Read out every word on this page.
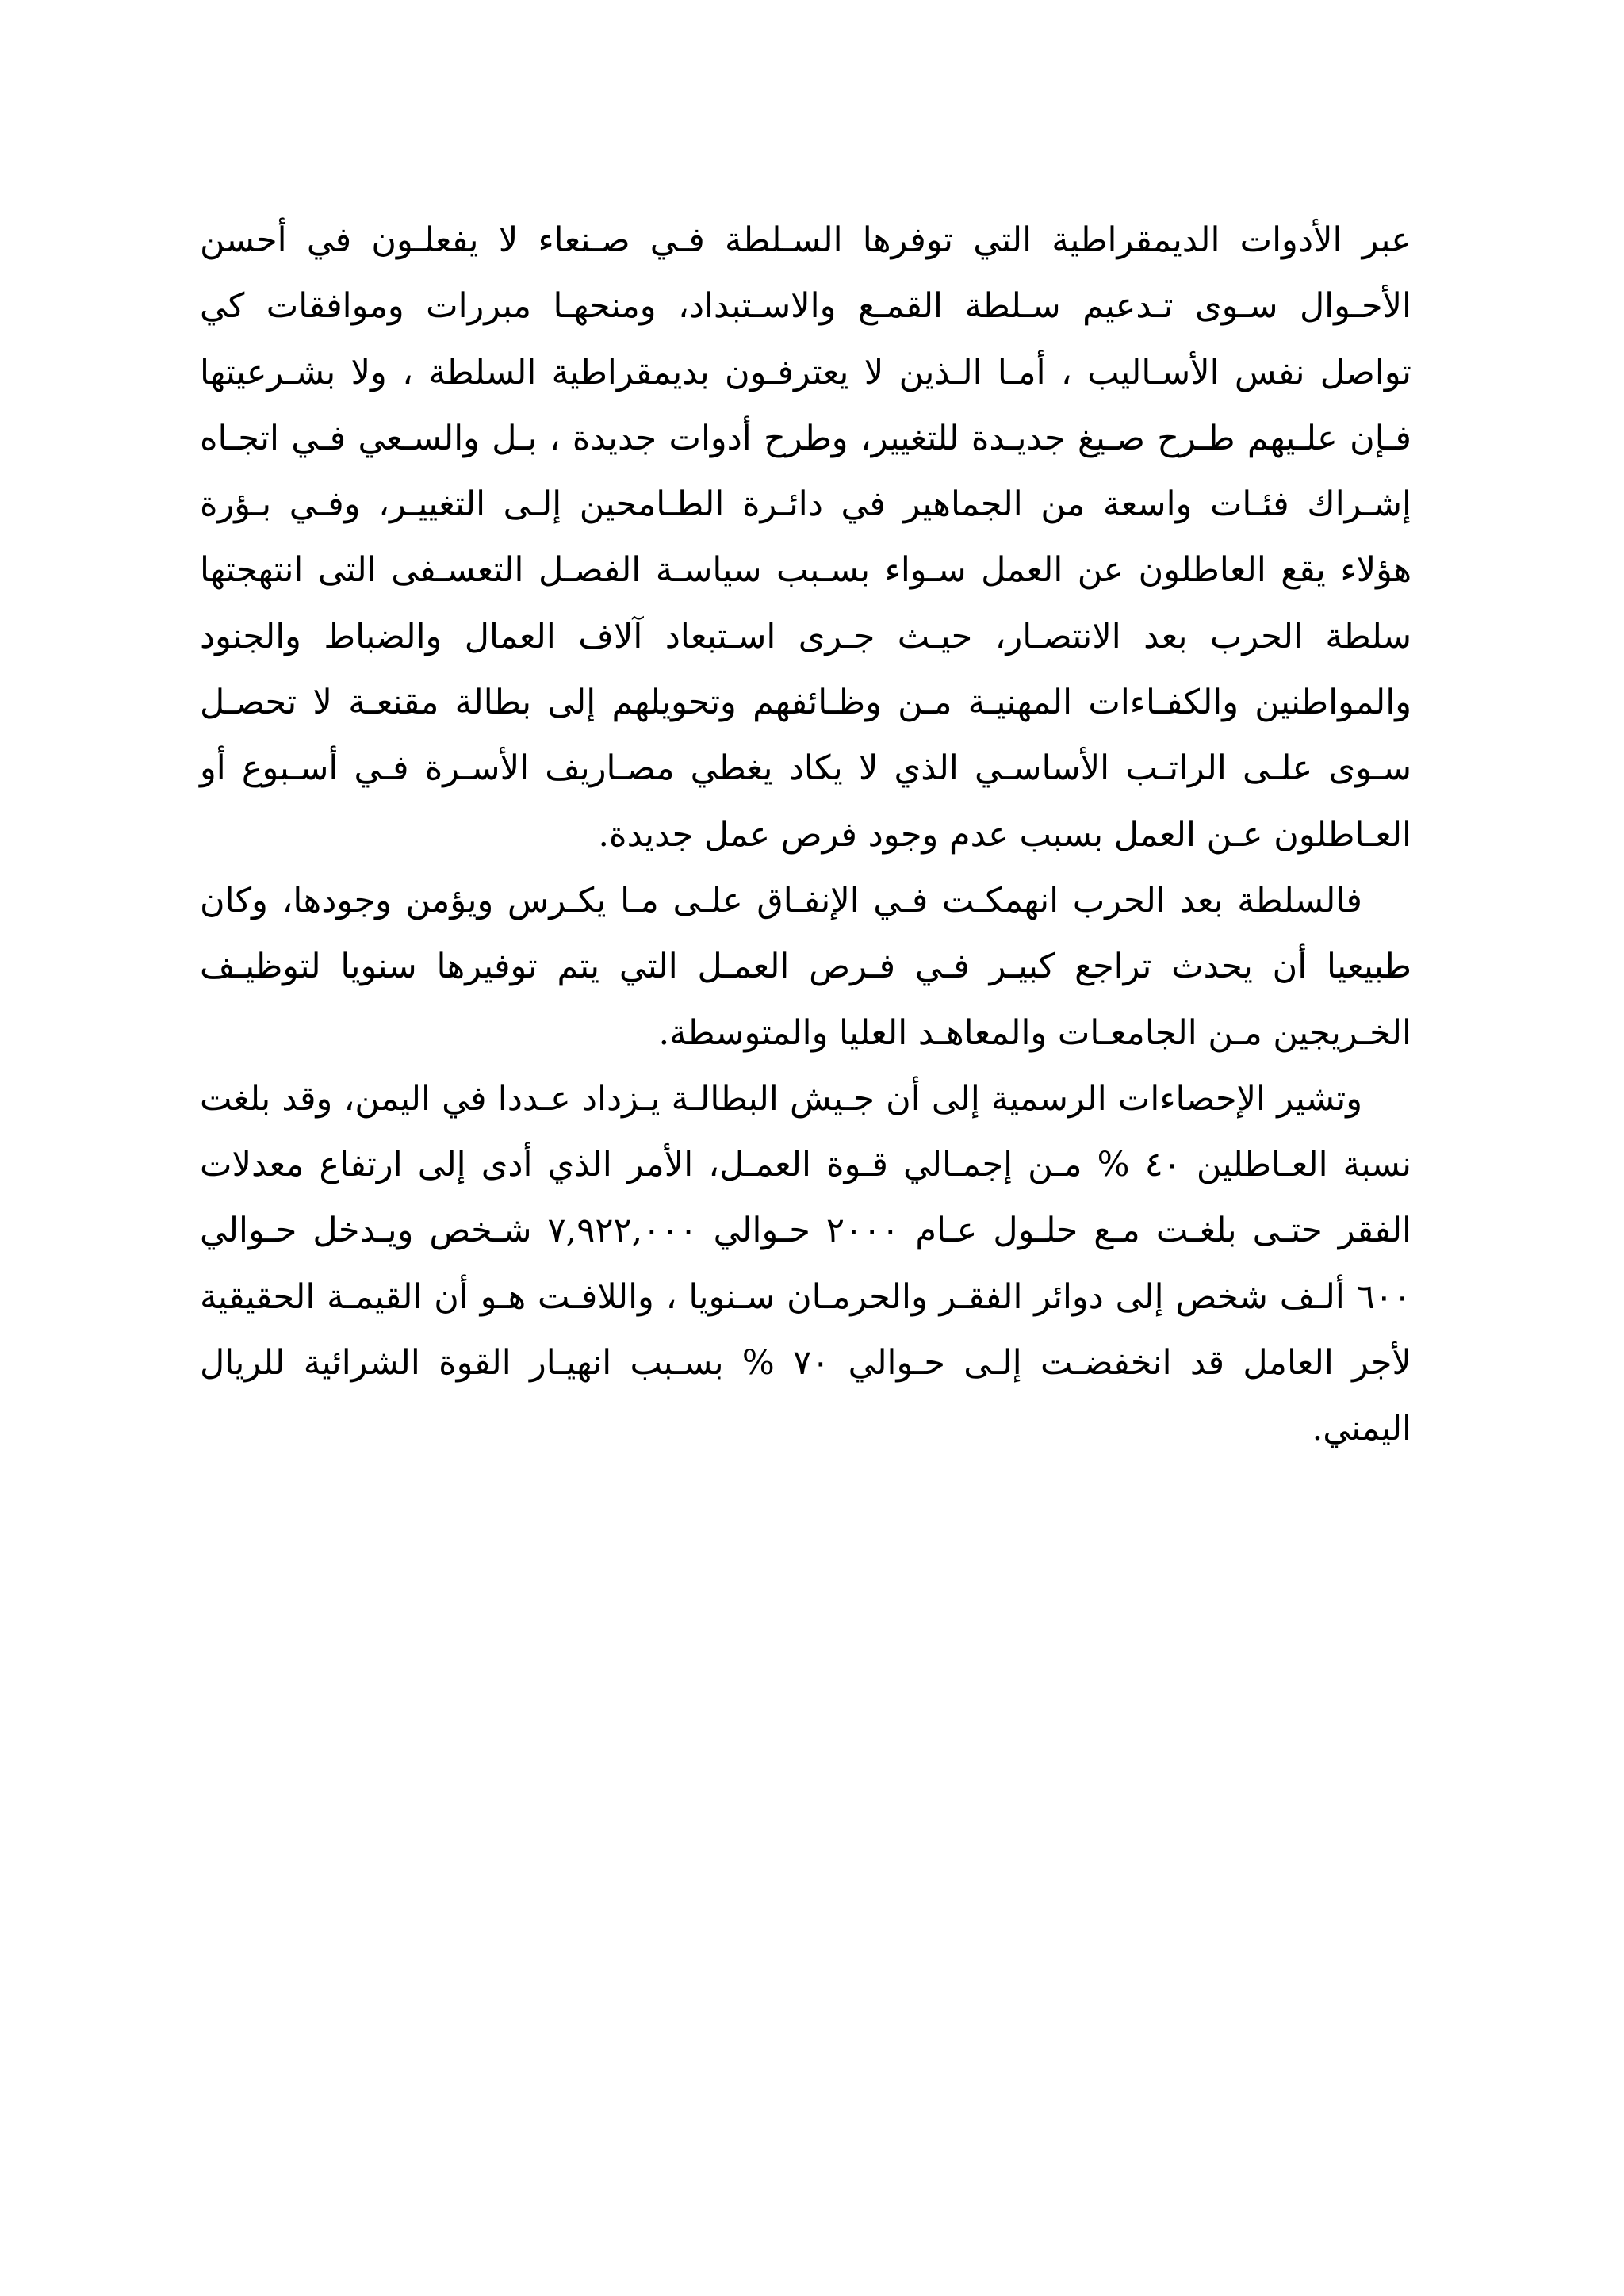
عبر الأدوات الديمقراطية التي توفرها السـلطة فـي صـنعاء لا يفعلـون في أحسن الأحـوال سـوى تـدعيم سـلطة القمـع والاسـتبداد، ومنحهـا مبررات وموافقات كي تواصل نفس الأسـاليب ، أمـا الـذين لا يعترفـون بديمقراطية السلطة ، ولا بشـرعيتها فـإن علـيهم طـرح صـيغ جديـدة للتغيير، وطرح أدوات جديدة ، بـل والسـعي فـي اتجـاه إشـراك فئـات واسعة من الجماهير في دائـرة الطـامحين إلـى التغييـر، وفـي بـؤرة هؤلاء يقع العاطلون عن العمل سـواء بسـبب سياسـة الفصـل التعسـفى التى انتهجتها سلطة الحرب بعد الانتصـار، حيـث جـرى اسـتبعاد آلاف العمال والضباط والجنود والمواطنين والكفـاءات المهنيـة مـن وظـائفهم وتحويلهم إلى بطالة مقنعـة لا تحصـل سـوى علـى الراتـب الأساسـي الذي لا يكاد يغطي مصـاريف الأسـرة فـي أسـبوع أو العـاطلون عـن العمل بسبب عدم وجود فرص عمل جديدة.

فالسلطة بعد الحرب انهمكـت فـي الإنفـاق علـى مـا يكـرس ويؤمن وجودها، وكان طبيعيا أن يحدث تراجع كبيـر فـي فـرص العمـل التي يتم توفيرها سنويا لتوظيـف الخـريجين مـن الجامعـات والمعاهـد العليا والمتوسطة.

وتشير الإحصاءات الرسمية إلى أن جـيش البطالـة يـزداد عـددا في اليمن، وقد بلغت نسبة العـاطلين ٤٠ % مـن إجمـالي قـوة العمـل، الأمر الذي أدى إلى ارتفاع معدلات الفقر حتـى بلغـت مـع حلـول عـام ٢٠٠٠ حـوالي ٧,٩٢٢,٠٠٠ شـخص ويـدخل حـوالي ٦٠٠ ألـف شخص إلى دوائر الفقـر والحرمـان سـنويا ، واللافـت هـو أن القيمـة الحقيقية لأجر العامل قد انخفضـت إلـى حـوالي ٧٠ % بسـبب انهيـار القوة الشرائية للريال اليمني.
